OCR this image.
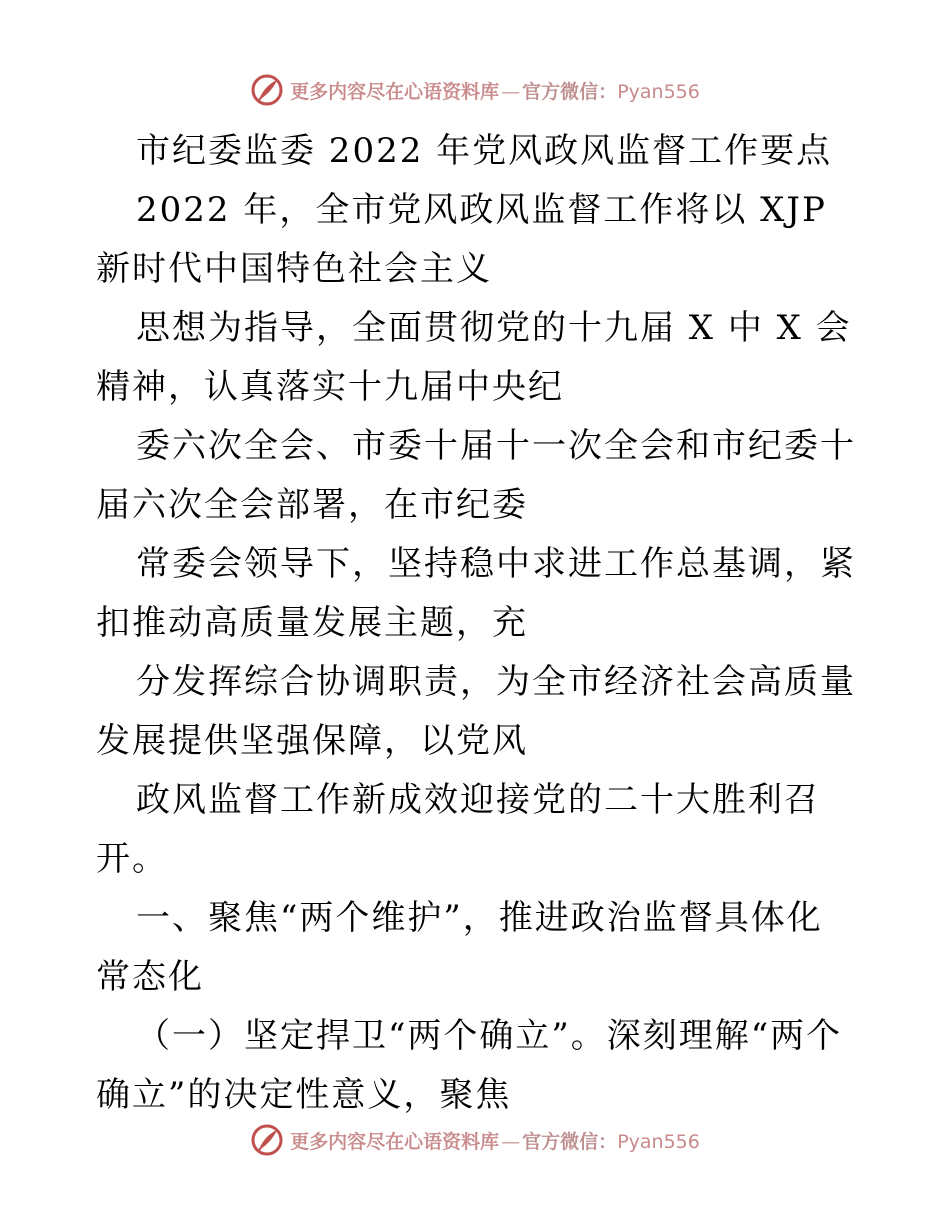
更多内容尽在心语资料库 — 官方微信：Pyan556

市纪委监委 2022 年党风政风监督工作要点

2022 年，全市党风政风监督工作将以 XJP 新时代中国特色社会主义

思想为指导，全面贯彻党的十九届 X 中 X 会精神，认真落实十九届中央纪

委六次全会、市委十届十一次全会和市纪委十届六次全会部署，在市纪委

常委会领导下，坚持稳中求进工作总基调，紧扣推动高质量发展主题，充

分发挥综合协调职责，为全市经济社会高质量发展提供坚强保障，以党风

政风监督工作新成效迎接党的二十大胜利召开。

一、聚焦“两个维护”，推进政治监督具体化常态化

（一）坚定捍卫“两个确立”。深刻理解“两个确立”的决定性意义，聚焦

更多内容尽在心语资料库 — 官方微信：Pyan556
